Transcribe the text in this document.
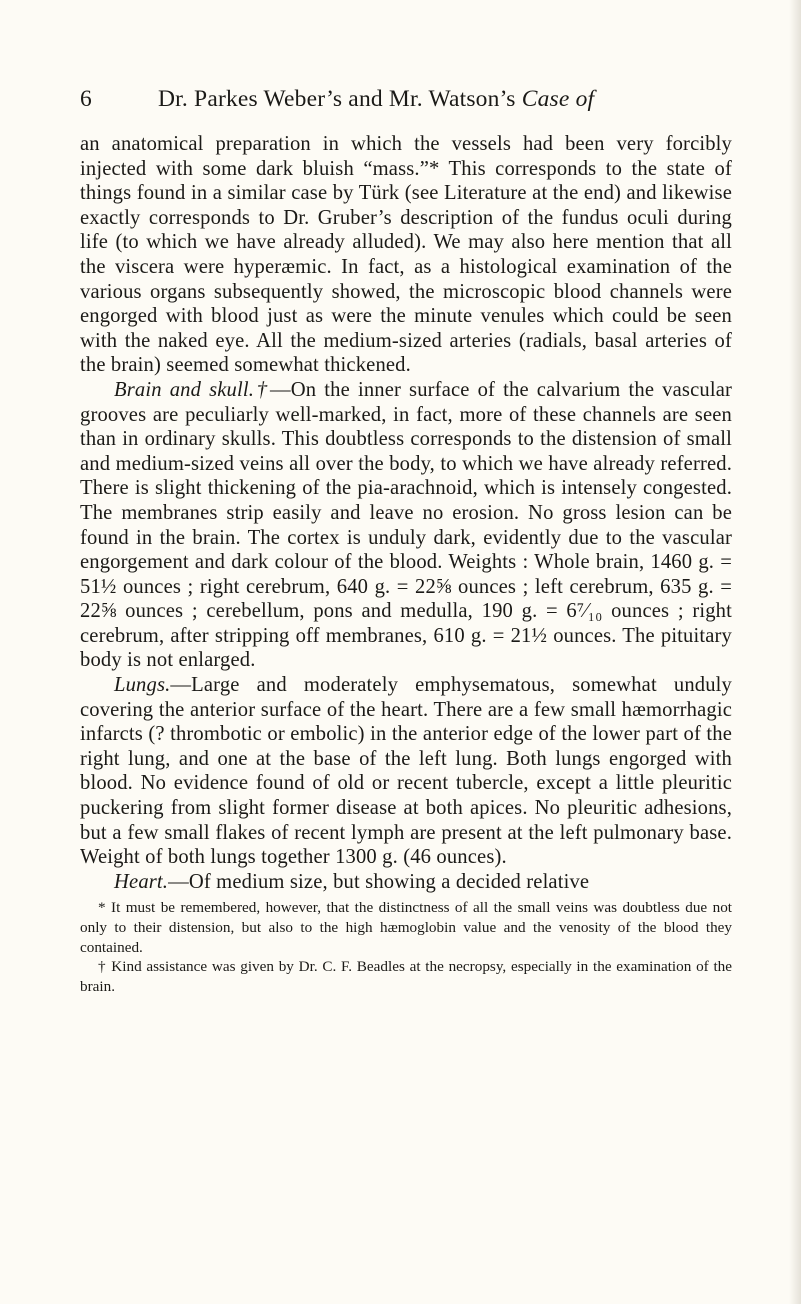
6	Dr. Parkes Weber’s and Mr. Watson’s Case of

an anatomical preparation in which the vessels had been very forcibly injected with some dark bluish “mass.”* This corresponds to the state of things found in a similar case by Türk (see Literature at the end) and likewise exactly corresponds to Dr. Gruber’s description of the fundus oculi during life (to which we have already alluded). We may also here mention that all the viscera were hyperæmic. In fact, as a histological examination of the various organs subsequently showed, the microscopic blood channels were engorged with blood just as were the minute venules which could be seen with the naked eye. All the medium-sized arteries (radials, basal arteries of the brain) seemed somewhat thickened.

Brain and skull.†—On the inner surface of the calvarium the vascular grooves are peculiarly well-marked, in fact, more of these channels are seen than in ordinary skulls. This doubtless corresponds to the distension of small and medium-sized veins all over the body, to which we have already referred. There is slight thickening of the pia-arachnoid, which is intensely congested. The membranes strip easily and leave no erosion. No gross lesion can be found in the brain. The cortex is unduly dark, evidently due to the vascular engorgement and dark colour of the blood. Weights : Whole brain, 1460 g. = 51½ ounces ; right cerebrum, 640 g. = 22⅝ ounces ; left cerebrum, 635 g. = 22⅝ ounces ; cerebellum, pons and medulla, 190 g. = 6⁷⁄₁₀ ounces ; right cerebrum, after stripping off membranes, 610 g. = 21½ ounces. The pituitary body is not enlarged.

Lungs.—Large and moderately emphysematous, somewhat unduly covering the anterior surface of the heart. There are a few small hæmorrhagic infarcts (? thrombotic or embolic) in the anterior edge of the lower part of the right lung, and one at the base of the left lung. Both lungs engorged with blood. No evidence found of old or recent tubercle, except a little pleuritic puckering from slight former disease at both apices. No pleuritic adhesions, but a few small flakes of recent lymph are present at the left pulmonary base. Weight of both lungs together 1300 g. (46 ounces).

Heart.—Of medium size, but showing a decided relative

* It must be remembered, however, that the distinctness of all the small veins was doubtless due not only to their distension, but also to the high hæmoglobin value and the venosity of the blood they contained.

† Kind assistance was given by Dr. C. F. Beadles at the necropsy, especially in the examination of the brain.
